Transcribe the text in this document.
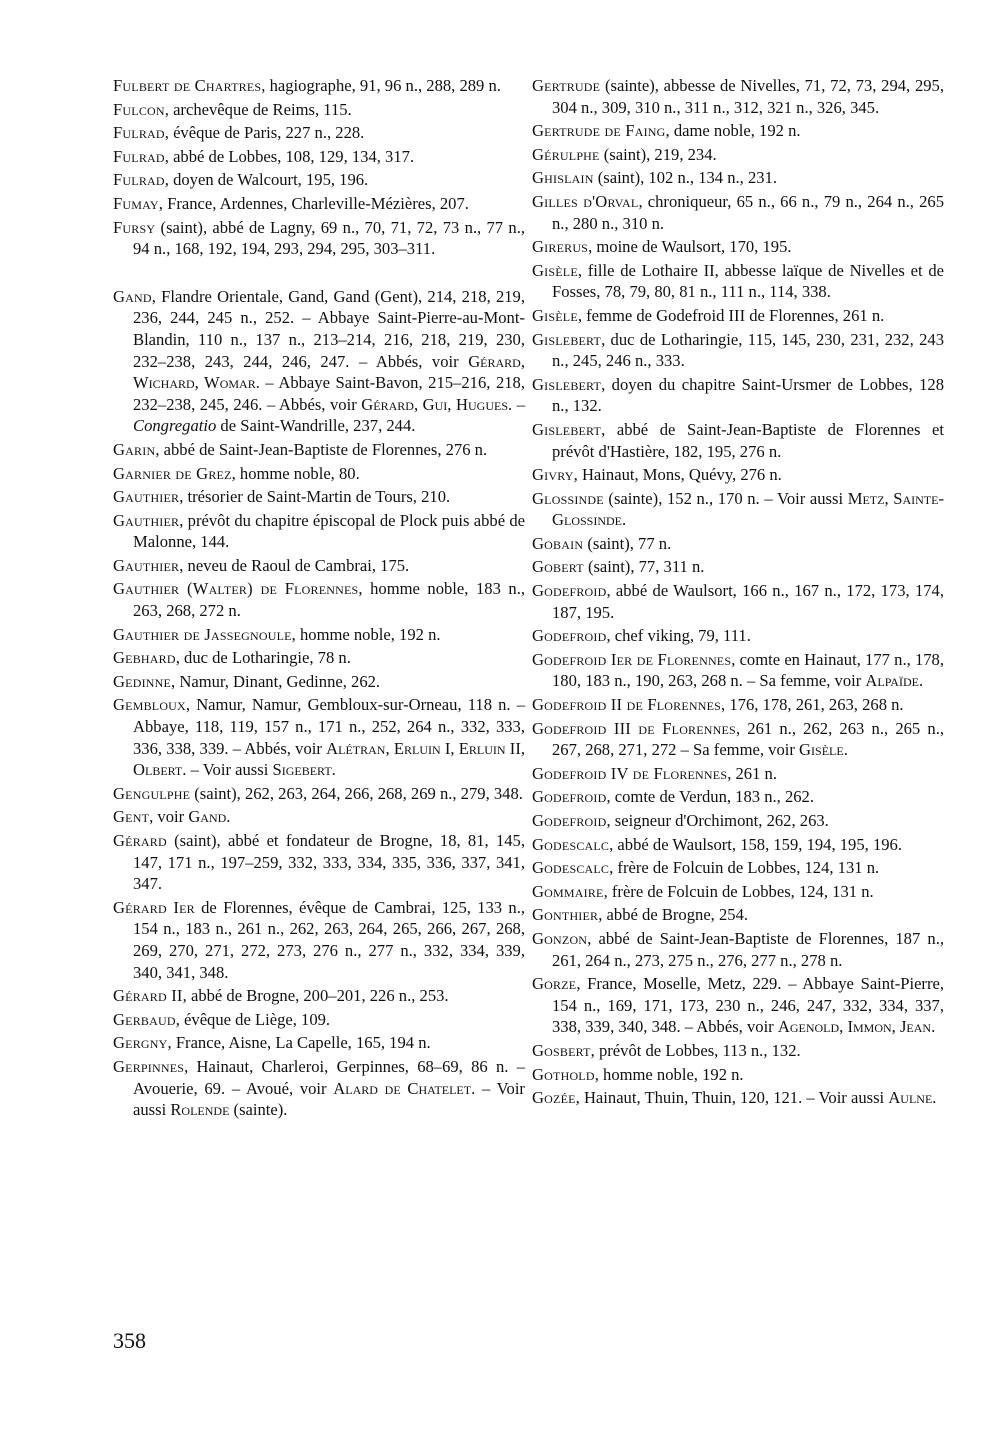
Fulbert de Chartres, hagiographe, 91, 96 n., 288, 289 n.
Fulcon, archevêque de Reims, 115.
Fulrad, évêque de Paris, 227 n., 228.
Fulrad, abbé de Lobbes, 108, 129, 134, 317.
Fulrad, doyen de Walcourt, 195, 196.
Fumay, France, Ardennes, Charleville-Mézières, 207.
Fursy (saint), abbé de Lagny, 69 n., 70, 71, 72, 73 n., 77 n., 94 n., 168, 192, 194, 293, 294, 295, 303–311.
Gand, Flandre Orientale, Gand, Gand (Gent), 214, 218, 219, 236, 244, 245 n., 252. – Abbaye Saint-Pierre-au-Mont-Blandin, 110 n., 137 n., 213–214, 216, 218, 219, 230, 232–238, 243, 244, 246, 247. – Abbés, voir Gérard, Wichard, Womar. – Abbaye Saint-Bavon, 215–216, 218, 232–238, 245, 246. – Abbés, voir Gérard, Gui, Hugues. – Congregatio de Saint-Wandrille, 237, 244.
Garin, abbé de Saint-Jean-Baptiste de Florennes, 276 n.
Garnier de Grez, homme noble, 80.
Gauthier, trésorier de Saint-Martin de Tours, 210.
Gauthier, prévôt du chapitre épiscopal de Plock puis abbé de Malonne, 144.
Gauthier, neveu de Raoul de Cambrai, 175.
Gauthier (Walter) de Florennes, homme noble, 183 n., 263, 268, 272 n.
Gauthier de Jassegnoule, homme noble, 192 n.
Gebhard, duc de Lotharingie, 78 n.
Gedinne, Namur, Dinant, Gedinne, 262.
Gembloux, Namur, Namur, Gembloux-sur-Orneau, 118 n. – Abbaye, 118, 119, 157 n., 171 n., 252, 264 n., 332, 333, 336, 338, 339. – Abbés, voir Alétran, Erluin I, Erluin II, Olbert. – Voir aussi Sigebert.
Gengulphe (saint), 262, 263, 264, 266, 268, 269 n., 279, 348.
Gent, voir Gand.
Gérard (saint), abbé et fondateur de Brogne, 18, 81, 145, 147, 171 n., 197–259, 332, 333, 334, 335, 336, 337, 341, 347.
Gérard Ier de Florennes, évêque de Cambrai, 125, 133 n., 154 n., 183 n., 261 n., 262, 263, 264, 265, 266, 267, 268, 269, 270, 271, 272, 273, 276 n., 277 n., 332, 334, 339, 340, 341, 348.
Gérard II, abbé de Brogne, 200–201, 226 n., 253.
Gerbaud, évêque de Liège, 109.
Gergny, France, Aisne, La Capelle, 165, 194 n.
Gerpinnes, Hainaut, Charleroi, Gerpinnes, 68–69, 86 n. – Avouerie, 69. – Avoué, voir Alard de Chatelet. – Voir aussi Rolende (sainte).
Gertrude (sainte), abbesse de Nivelles, 71, 72, 73, 294, 295, 304 n., 309, 310 n., 311 n., 312, 321 n., 326, 345.
Gertrude de Faing, dame noble, 192 n.
Gérulphe (saint), 219, 234.
Ghislain (saint), 102 n., 134 n., 231.
Gilles d'Orval, chroniqueur, 65 n., 66 n., 79 n., 264 n., 265 n., 280 n., 310 n.
Girerus, moine de Waulsort, 170, 195.
Gisèle, fille de Lothaire II, abbesse laïque de Nivelles et de Fosses, 78, 79, 80, 81 n., 111 n., 114, 338.
Gisèle, femme de Godefroid III de Florennes, 261 n.
Gislebert, duc de Lotharingie, 115, 145, 230, 231, 232, 243 n., 245, 246 n., 333.
Gislebert, doyen du chapitre Saint-Ursmer de Lobbes, 128 n., 132.
Gislebert, abbé de Saint-Jean-Baptiste de Florennes et prévôt d'Hastière, 182, 195, 276 n.
Givry, Hainaut, Mons, Quévy, 276 n.
Glossinde (sainte), 152 n., 170 n. – Voir aussi Metz, Sainte-Glossinde.
Gobain (saint), 77 n.
Gobert (saint), 77, 311 n.
Godefroid, abbé de Waulsort, 166 n., 167 n., 172, 173, 174, 187, 195.
Godefroid, chef viking, 79, 111.
Godefroid Ier de Florennes, comte en Hainaut, 177 n., 178, 180, 183 n., 190, 263, 268 n. – Sa femme, voir Alpaïde.
Godefroid II de Florennes, 176, 178, 261, 263, 268 n.
Godefroid III de Florennes, 261 n., 262, 263 n., 265 n., 267, 268, 271, 272 – Sa femme, voir Gisèle.
Godefroid IV de Florennes, 261 n.
Godefroid, comte de Verdun, 183 n., 262.
Godefroid, seigneur d'Orchimont, 262, 263.
Godescalc, abbé de Waulsort, 158, 159, 194, 195, 196.
Godescalc, frère de Folcuin de Lobbes, 124, 131 n.
Gommaire, frère de Folcuin de Lobbes, 124, 131 n.
Gonthier, abbé de Brogne, 254.
Gonzon, abbé de Saint-Jean-Baptiste de Florennes, 187 n., 261, 264 n., 273, 275 n., 276, 277 n., 278 n.
Gorze, France, Moselle, Metz, 229. – Abbaye Saint-Pierre, 154 n., 169, 171, 173, 230 n., 246, 247, 332, 334, 337, 338, 339, 340, 348. – Abbés, voir Agenold, Immon, Jean.
Gosbert, prévôt de Lobbes, 113 n., 132.
Gothold, homme noble, 192 n.
Gozée, Hainaut, Thuin, Thuin, 120, 121. – Voir aussi Aulne.
358
